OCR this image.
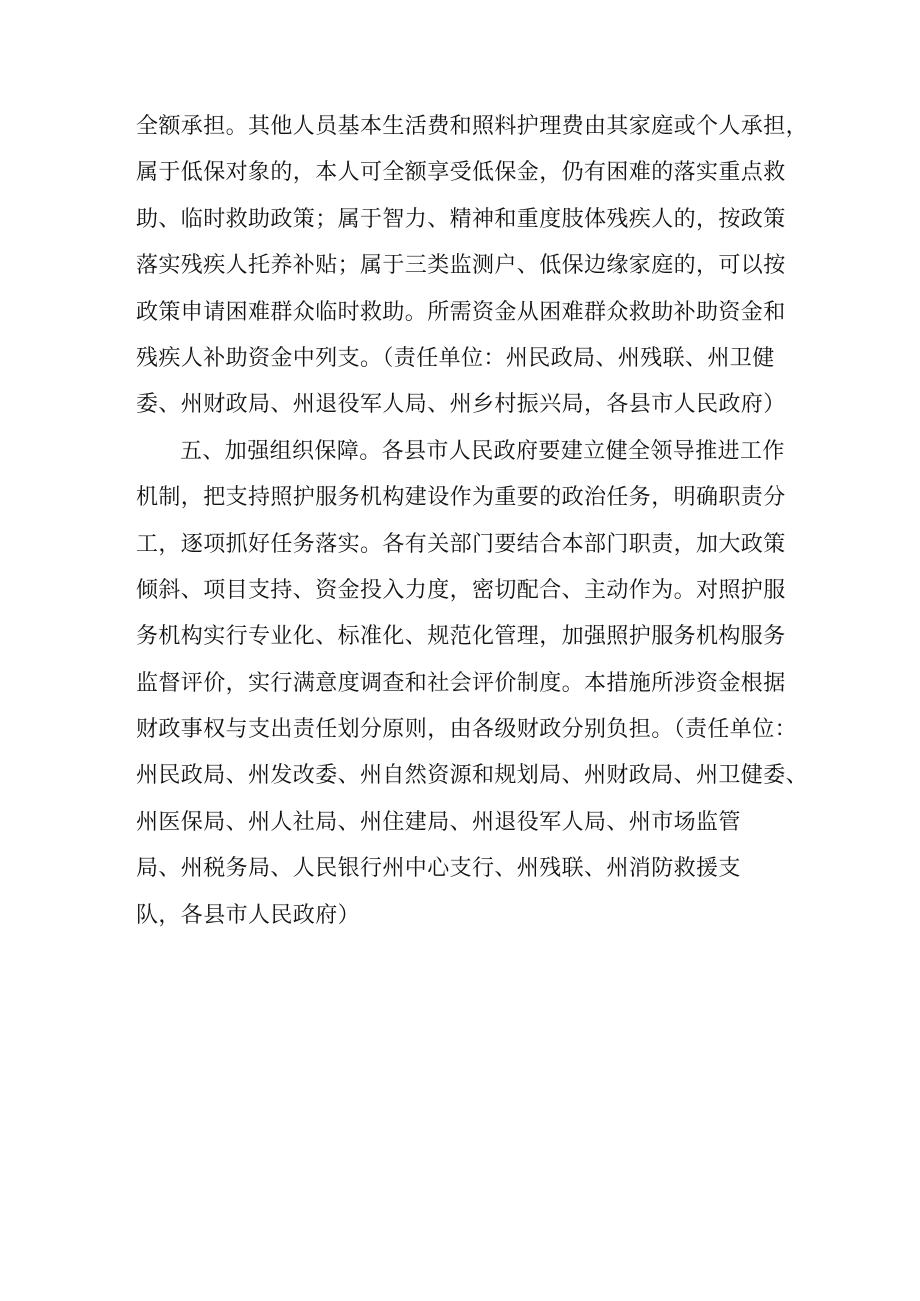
全额承担。其他人员基本生活费和照料护理费由其家庭或个人承担，
属于低保对象的，本人可全额享受低保金，仍有困难的落实重点救
助、临时救助政策；属于智力、精神和重度肢体残疾人的，按政策
落实残疾人托养补贴；属于三类监测户、低保边缘家庭的，可以按
政策申请困难群众临时救助。所需资金从困难群众救助补助资金和
残疾人补助资金中列支。（责任单位：州民政局、州残联、州卫健
委、州财政局、州退役军人局、州乡村振兴局，各县市人民政府）
五、加强组织保障。各县市人民政府要建立健全领导推进工作
机制，把支持照护服务机构建设作为重要的政治任务，明确职责分
工，逐项抓好任务落实。各有关部门要结合本部门职责，加大政策
倾斜、项目支持、资金投入力度，密切配合、主动作为。对照护服
务机构实行专业化、标准化、规范化管理，加强照护服务机构服务
监督评价，实行满意度调查和社会评价制度。本措施所涉资金根据
财政事权与支出责任划分原则，由各级财政分别负担。（责任单位：
州民政局、州发改委、州自然资源和规划局、州财政局、州卫健委、
州医保局、州人社局、州住建局、州退役军人局、州市场监管
局、州税务局、人民银行州中心支行、州残联、州消防救援支
队，各县市人民政府）
